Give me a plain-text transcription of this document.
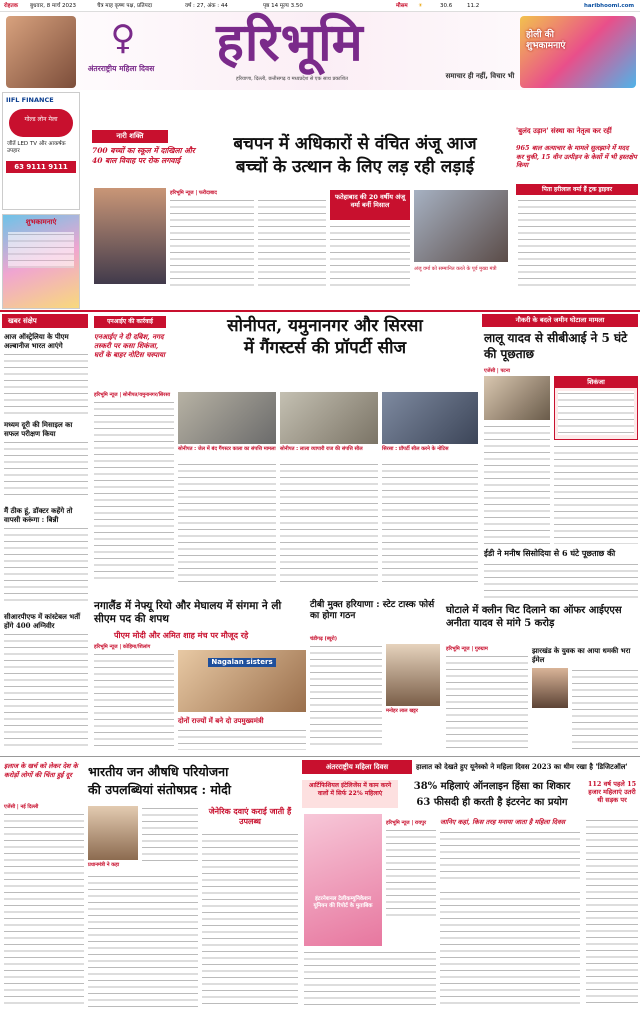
रोहतक बुधवार, 8 मार्च 2023	चैत्र माह कृष्ण पक्ष, प्रतिपदा	वर्ष : 27, अंक : 44	पृष्ठ 14 मूल्य 3.50	मौसम ☀	30.6	11.2	haribhoomi.com
♀
अंतरराष्ट्रीय महिला दिवस	हरिभूमि
हरियाणा, दिल्ली, छत्तीसगढ़ व मध्यप्रदेश से एक साथ प्रकाशित	समाचार ही नहीं, विचार भी
होली की शुभकामनाएं
IIFL FINANCE
गोल्ड लोन मेला
जीतें LED TV और आकर्षक उपहार
63 9111 9111
शुभकामनाएं
नारी शक्ति
700 बच्चों का स्कूल में दाखिला और 40 बाल विवाह पर रोक लगवाई
बचपन में अधिकारों से वंचित अंजू आज
बच्चों के उत्थान के लिए लड़ रही लड़ाई
हरिभूमि न्यूज | फरीदाबाद	फतेहाबाद की 20 वर्षीय अंजू वर्मा बनीं मिसाल
अंजू वर्मा को सम्मानित करते के पूर्व मुख्य मंत्री
'बुलंद उड़ान' संस्था का नेतृत्व कर रहीं
965 बाल अत्याचार के मामले सुलझाने में मदद कर चुकी, 15 वीन उत्पीड़न के केसों में भी हस्तक्षेप किया
पिता हरीलाल वर्मा हैं ट्रक ड्राइवर
खबर संक्षेप
आज ऑस्ट्रेलिया के पीएम अल्बानीज भारत आएंगे
मध्यम दूरी की मिसाइल का सफल परीक्षण किया
मैं ठीक हूं, डॉक्टर कहेंगे तो वापसी करूंगा : बिन्नी
सीआरपीएफ में कांस्टेबल भर्ती होंगे 400 अग्निवीर
एनआईए की कार्रवाई
एनआईए ने दी दबिश, नगद तस्करी पर कसा शिकंजा, घरों के बाहर नोटिस चस्पाया
सोनीपत, यमुनानगर और सिरसा
में गैंगस्टर्स की प्रॉपर्टी सीज
हरिभूमि न्यूज | सोनीपत/यमुनानगर/सिरसा
सोनीपत : जेल में बंद गैंगस्टर काला का संपत्ति मामला सोनीपत : लाला व्यापारी राज की संपत्ति सील	सिरसा : प्रॉपर्टी सील करने के नोटिस
नौकरी के बदले जमीन घोटाला मामला
लालू यादव से सीबीआई ने 5 घंटे की पूछताछ
एजेंसी | पटना
शिकंजा
ईडी ने मनीष सिसोदिया से 6 घंटे पूछताछ की
नगालैंड में नेफ्यू रियो और मेघालय में संगमा ने ली सीएम पद की शपथ
पीएम मोदी और अमित शाह मंच पर मौजूद रहे
हरिभूमि न्यूज | कोहिमा/शिलांग
Nagalan sisters
दोनों राज्यों में बने दो उपमुख्यमंत्री
टीबी मुक्त हरियाणा : स्टेट टास्क फोर्स का होगा गठन
चंडीगढ़ (ब्यूरो)
मनोहर लाल खट्टर
घोटाले में क्लीन चिट दिलाने का ऑफर आईएएस अनीता यादव से मांगे 5 करोड़
हरिभूमि न्यूज | गुरुग्राम	झारखंड के युवक का आया धमकी भरा ईमेल
इलाज के खर्च को लेकर देश के करोड़ों लोगों की चिंता हुई दूर	भारतीय जन औषधि परियोजना
की उपलब्धियां संतोषप्रद : मोदी
एजेंसी | नई दिल्ली
प्रधानमंत्री ने कहा
जेनेरिक दवाएं कराई जाती हैं उपलब्ध
अंतरराष्ट्रीय महिला दिवस	हालात को देखते हुए यूनेस्को ने महिला दिवस 2023 का थीम रखा है 'डिजिटऑल'
आर्टिफिशियल इंटेलिजेंस में काम करने वालों में सिर्फ 22% महिलाएं
38% महिलाएं ऑनलाइन हिंसा का शिकार
63 फीसदी ही करती है इंटरनेट का प्रयोग
इंटरनेशनल टेलीकम्युनिकेशन यूनियन की रिपोर्ट के मुताबिक
हरिभूमि न्यूज | रायपुर	जानिए कहां, किस तरह मनाया जाता है महिला दिवस
112 वर्ष पहले 15 हजार महिलाएं उतरी थी सड़क पर
